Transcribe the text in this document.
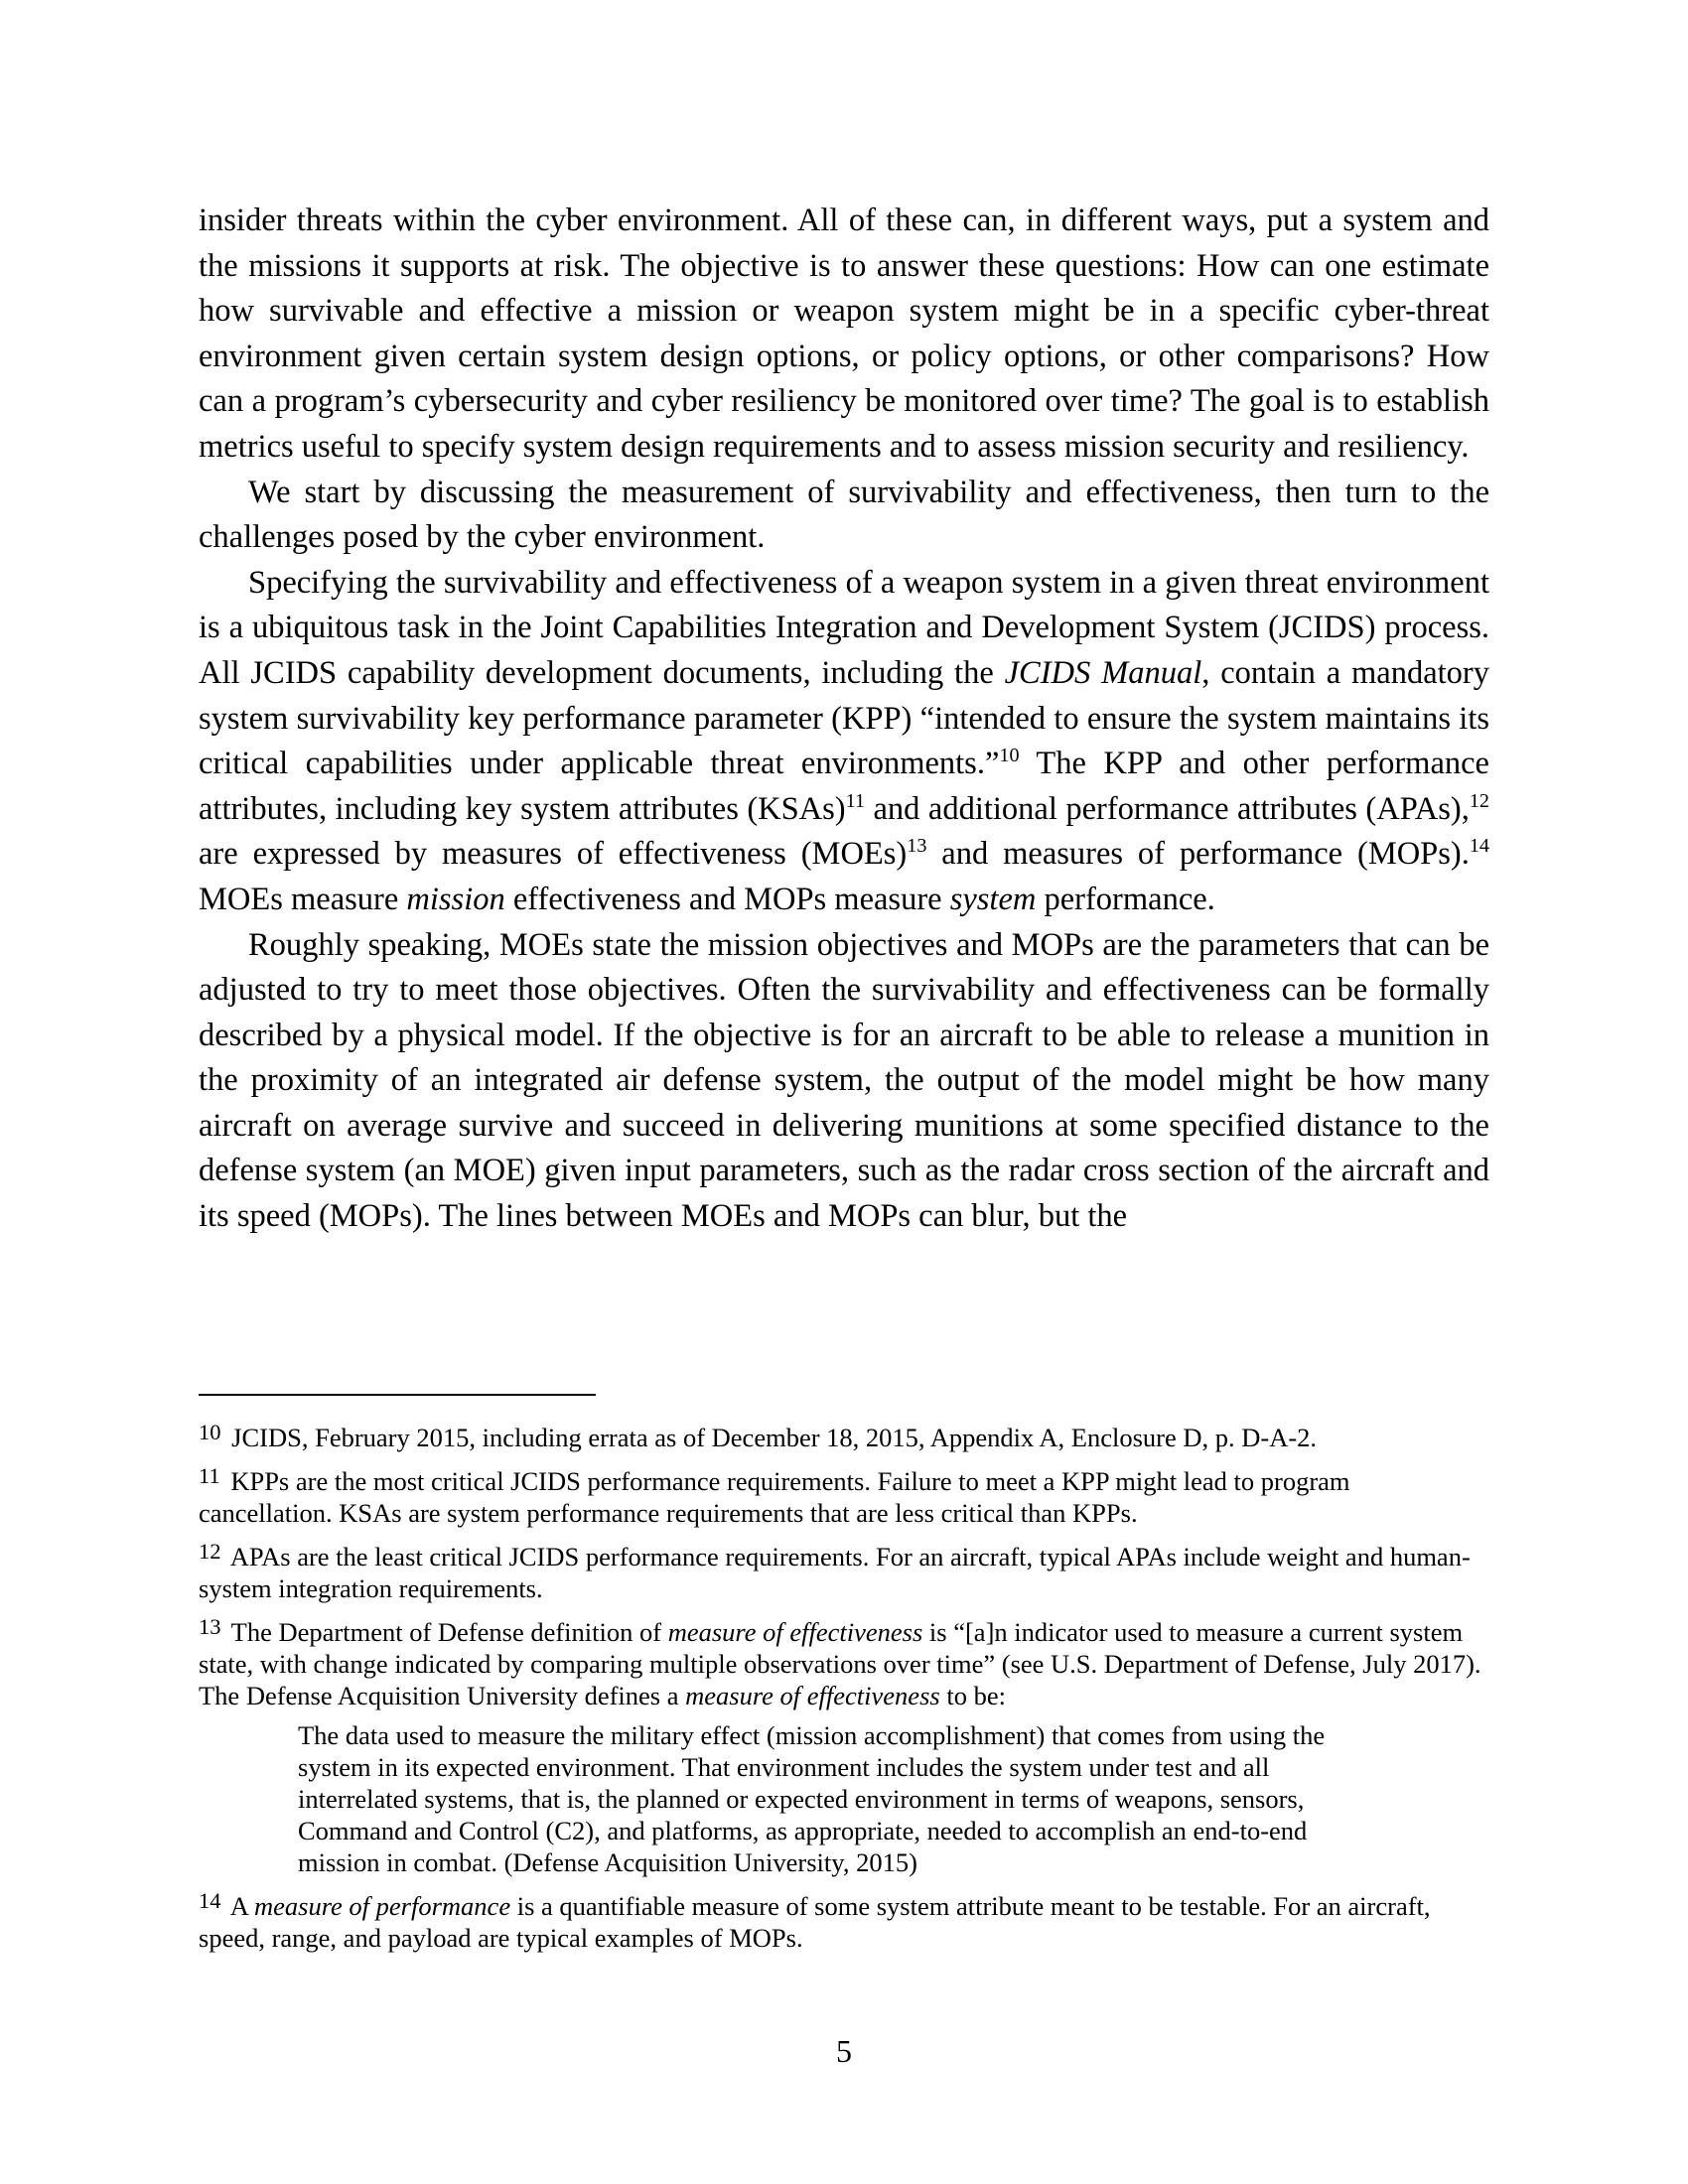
insider threats within the cyber environment. All of these can, in different ways, put a system and the missions it supports at risk. The objective is to answer these questions: How can one estimate how survivable and effective a mission or weapon system might be in a specific cyber-threat environment given certain system design options, or policy options, or other comparisons? How can a program’s cybersecurity and cyber resiliency be monitored over time? The goal is to establish metrics useful to specify system design requirements and to assess mission security and resiliency.

We start by discussing the measurement of survivability and effectiveness, then turn to the challenges posed by the cyber environment.

Specifying the survivability and effectiveness of a weapon system in a given threat environment is a ubiquitous task in the Joint Capabilities Integration and Development System (JCIDS) process. All JCIDS capability development documents, including the JCIDS Manual, contain a mandatory system survivability key performance parameter (KPP) “intended to ensure the system maintains its critical capabilities under applicable threat environments.”$^{10}$ The KPP and other performance attributes, including key system attributes (KSAs)$^{11}$ and additional performance attributes (APAs),$^{12}$ are expressed by measures of effectiveness (MOEs)$^{13}$ and measures of performance (MOPs).$^{14}$ MOEs measure mission effectiveness and MOPs measure system performance.

Roughly speaking, MOEs state the mission objectives and MOPs are the parameters that can be adjusted to try to meet those objectives. Often the survivability and effectiveness can be formally described by a physical model. If the objective is for an aircraft to be able to release a munition in the proximity of an integrated air defense system, the output of the model might be how many aircraft on average survive and succeed in delivering munitions at some specified distance to the defense system (an MOE) given input parameters, such as the radar cross section of the aircraft and its speed (MOPs). The lines between MOEs and MOPs can blur, but the

$^{10}$ JCIDS, February 2015, including errata as of December 18, 2015, Appendix A, Enclosure D, p. D-A-2.

$^{11}$ KPPs are the most critical JCIDS performance requirements. Failure to meet a KPP might lead to program cancellation. KSAs are system performance requirements that are less critical than KPPs.

$^{12}$ APAs are the least critical JCIDS performance requirements. For an aircraft, typical APAs include weight and human-system integration requirements.

$^{13}$ The Department of Defense definition of measure of effectiveness is “[a]n indicator used to measure a current system state, with change indicated by comparing multiple observations over time” (see U.S. Department of Defense, July 2017). The Defense Acquisition University defines a measure of effectiveness to be:

The data used to measure the military effect (mission accomplishment) that comes from using the system in its expected environment. That environment includes the system under test and all interrelated systems, that is, the planned or expected environment in terms of weapons, sensors, Command and Control (C2), and platforms, as appropriate, needed to accomplish an end-to-end mission in combat. (Defense Acquisition University, 2015)

$^{14}$ A measure of performance is a quantifiable measure of some system attribute meant to be testable. For an aircraft, speed, range, and payload are typical examples of MOPs.

5
